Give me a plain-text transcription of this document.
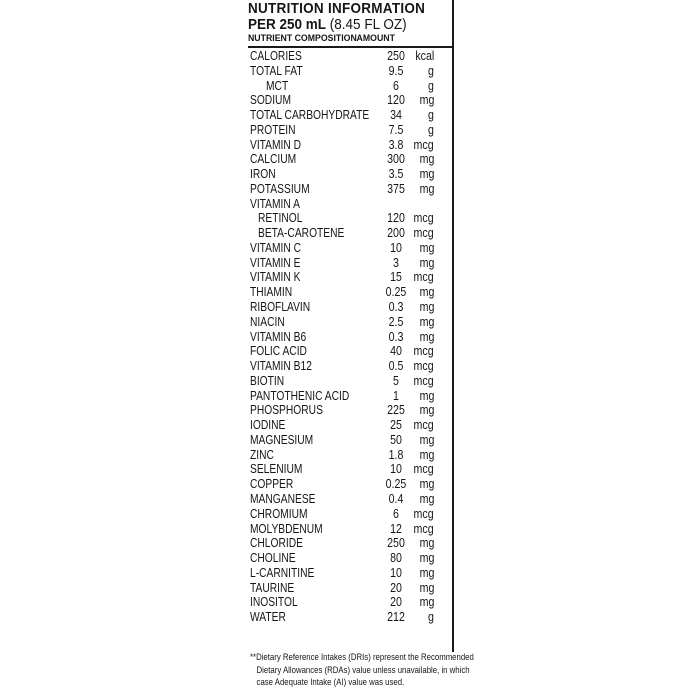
NUTRITION INFORMATION
PER 250 mL (8.45 FL OZ)
NUTRIENT COMPOSITION AMOUNT
CALORIES	250 kcal
TOTAL FAT	9.5	g
MCT	6	g
SODIUM	120	mg
TOTAL CARBOHYDRATE	34	g
PROTEIN	7.5	g
VITAMIN D	3.8 mcg
CALCIUM	300	mg
IRON	3.5	mg
POTASSIUM	375	mg
VITAMIN A
RETINOL	120 mcg
BETA-CAROTENE	200 mcg
VITAMIN C	10	mg
VITAMIN E	3	mg
VITAMIN K	15 mcg
THIAMIN	0.25	mg
RIBOFLAVIN	0.3	mg
NIACIN	2.5	mg
VITAMIN B6	0.3	mg
FOLIC ACID	40 mcg
VITAMIN B12	0.5 mcg
BIOTIN	5	mcg
PANTOTHENIC ACID	1	mg
PHOSPHORUS	225	mg
IODINE	25 mcg
MAGNESIUM	50	mg
ZINC	1.8	mg
SELENIUM	10 mcg
COPPER	0.25	mg
MANGANESE	0.4	mg
CHROMIUM	6	mcg
MOLYBDENUM	12 mcg
CHLORIDE	250	mg
CHOLINE	80	mg
L-CARNITINE	10	mg
TAURINE	20	mg
INOSITOL	20	mg
WATER	212	g
**Dietary Reference Intakes (DRIs) represent the Recommended
Dietary Allowances (RDAs) value unless unavailable, in which
case Adequate Intake (AI) value was used.
